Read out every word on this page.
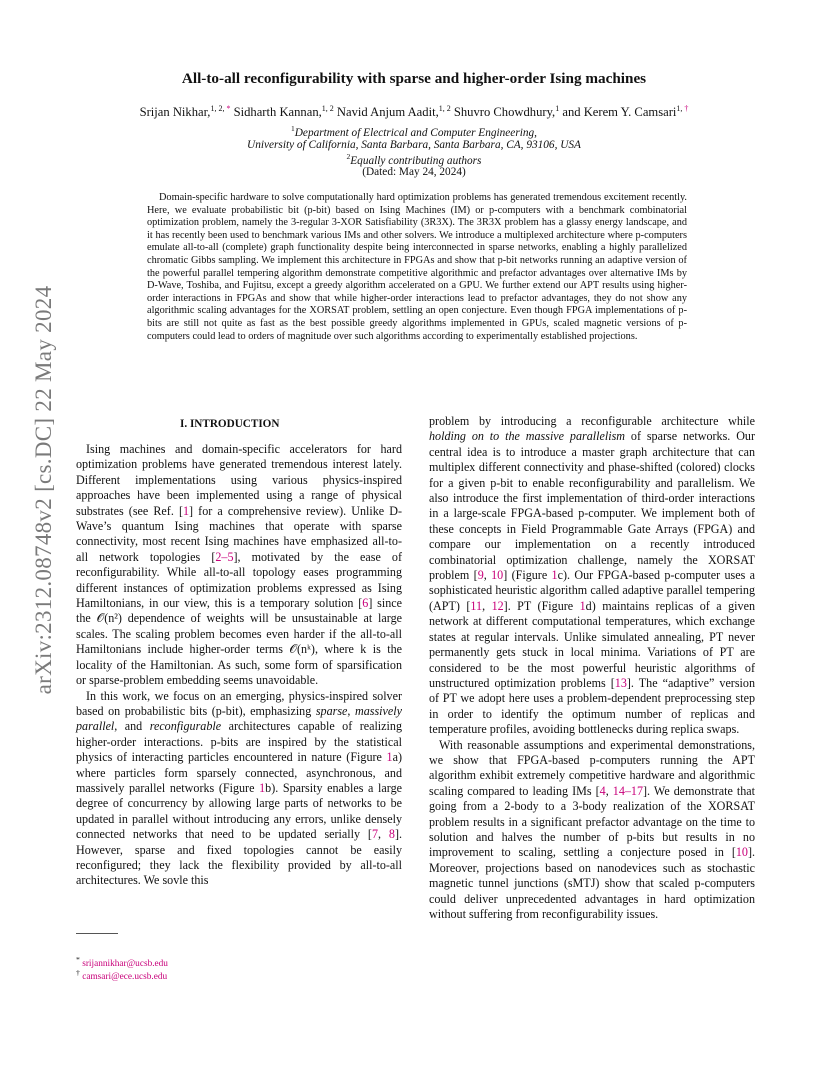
arXiv:2312.08748v2 [cs.DC] 22 May 2024
All-to-all reconfigurability with sparse and higher-order Ising machines
Srijan Nikhar,$^{1, 2, *}$ Sidharth Kannan,$^{1, 2}$ Navid Anjum Aadit,$^{1, 2}$ Shuvro Chowdhury,$^1$ and Kerem Y. Camsari$^{1, \dagger}$
$^1$Department of Electrical and Computer Engineering,
University of California, Santa Barbara, Santa Barbara, CA, 93106, USA
$^2$Equally contributing authors
(Dated: May 24, 2024)
Domain-specific hardware to solve computationally hard optimization problems has generated tremendous excitement recently. Here, we evaluate probabilistic bit (p-bit) based on Ising Machines (IM) or p-computers with a benchmark combinatorial optimization problem, namely the 3-regular 3-XOR Satisfiability (3R3X). The 3R3X problem has a glassy energy landscape, and it has recently been used to benchmark various IMs and other solvers. We introduce a multiplexed architecture where p-computers emulate all-to-all (complete) graph functionality despite being interconnected in sparse networks, enabling a highly parallelized chromatic Gibbs sampling. We implement this architecture in FPGAs and show that p-bit networks running an adaptive version of the powerful parallel tempering algorithm demonstrate competitive algorithmic and prefactor advantages over alternative IMs by D-Wave, Toshiba, and Fujitsu, except a greedy algorithm accelerated on a GPU. We further extend our APT results using higher-order interactions in FPGAs and show that while higher-order interactions lead to prefactor advantages, they do not show any algorithmic scaling advantages for the XORSAT problem, settling an open conjecture. Even though FPGA implementations of p-bits are still not quite as fast as the best possible greedy algorithms implemented in GPUs, scaled magnetic versions of p-computers could lead to orders of magnitude over such algorithms according to experimentally established projections.
I. INTRODUCTION

Ising machines and domain-specific accelerators for hard optimization problems have generated tremendous interest lately. Different implementations using various physics-inspired approaches have been implemented using a range of physical substrates (see Ref. [1] for a comprehensive review). Unlike D-Wave’s quantum Ising machines that operate with sparse connectivity, most recent Ising machines have emphasized all-to-all network topologies [2–5], motivated by the ease of reconfigurability. While all-to-all topology eases programming different instances of optimization problems expressed as Ising Hamiltonians, in our view, this is a temporary solution [6] since the 𝒪(n²) dependence of weights will be unsustainable at large scales. The scaling problem becomes even harder if the all-to-all Hamiltonians include higher-order terms 𝒪(nᵏ), where k is the locality of the Hamiltonian. As such, some form of sparsification or sparse-problem embedding seems unavoidable.

In this work, we focus on an emerging, physics-inspired solver based on probabilistic bits (p-bit), emphasizing sparse, massively parallel, and reconfigurable architectures capable of realizing higher-order interactions. p-bits are inspired by the statistical physics of interacting particles encountered in nature (Figure 1a) where particles form sparsely connected, asynchronous, and massively parallel networks (Figure 1b). Sparsity enables a large degree of concurrency by allowing large parts of networks to be updated in parallel without introducing any errors, unlike densely connected networks that need to be updated serially [7, 8]. However, sparse and fixed topologies cannot be easily reconfigured; they lack the flexibility provided by all-to-all architectures. We sovle this

problem by introducing a reconfigurable architecture while holding on to the massive parallelism of sparse networks. Our central idea is to introduce a master graph architecture that can multiplex different connectivity and phase-shifted (colored) clocks for a given p-bit to enable reconfigurability and parallelism. We also introduce the first implementation of third-order interactions in a large-scale FPGA-based p-computer. We implement both of these concepts in Field Programmable Gate Arrays (FPGA) and compare our implementation on a recently introduced combinatorial optimization challenge, namely the XORSAT problem [9, 10] (Figure 1c). Our FPGA-based p-computer uses a sophisticated heuristic algorithm called adaptive parallel tempering (APT) [11, 12]. PT (Figure 1d) maintains replicas of a given network at different computational temperatures, which exchange states at regular intervals. Unlike simulated annealing, PT never permanently gets stuck in local minima. Variations of PT are considered to be the most powerful heuristic algorithms of unstructured optimization problems [13]. The “adaptive” version of PT we adopt here uses a problem-dependent preprocessing step in order to identify the optimum number of replicas and temperature profiles, avoiding bottlenecks during replica swaps.

With reasonable assumptions and experimental demonstrations, we show that FPGA-based p-computers running the APT algorithm exhibit extremely competitive hardware and algorithmic scaling compared to leading IMs [4, 14–17]. We demonstrate that going from a 2-body to a 3-body realization of the XORSAT problem results in a significant prefactor advantage on the time to solution and halves the number of p-bits but results in no improvement to scaling, settling a conjecture posed in [10]. Moreover, projections based on nanodevices such as stochastic magnetic tunnel junctions (sMTJ) show that scaled p-computers could deliver unprecedented advantages in hard optimization without suffering from reconfigurability issues.

* srijannikhar@ucsb.edu
† camsari@ece.ucsb.edu
